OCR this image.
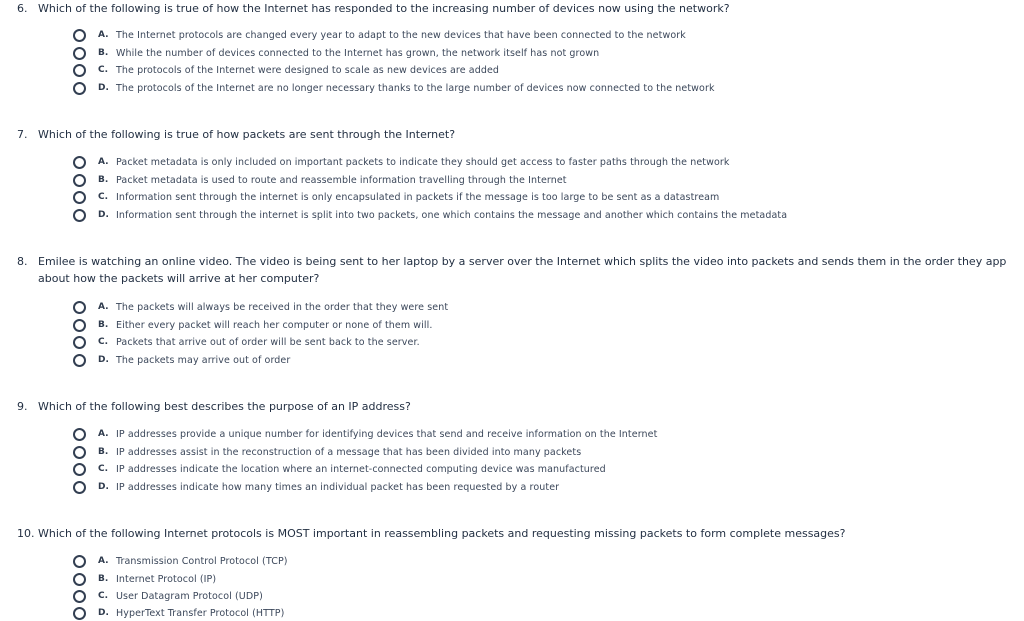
6. Which of the following is true of how the Internet has responded to the increasing number of devices now using the network?
A. The Internet protocols are changed every year to adapt to the new devices that have been connected to the network
B. While the number of devices connected to the Internet has grown, the network itself has not grown
C. The protocols of the Internet were designed to scale as new devices are added
D. The protocols of the Internet are no longer necessary thanks to the large number of devices now connected to the network
7. Which of the following is true of how packets are sent through the Internet?
A. Packet metadata is only included on important packets to indicate they should get access to faster paths through the network
B. Packet metadata is used to route and reassemble information travelling through the Internet
C. Information sent through the internet is only encapsulated in packets if the message is too large to be sent as a datastream
D. Information sent through the internet is split into two packets, one which contains the message and another which contains the metadata
8. Emilee is watching an online video. The video is being sent to her laptop by a server over the Internet which splits the video into packets and sends them in the order they app
about how the packets will arrive at her computer?
A. The packets will always be received in the order that they were sent
B. Either every packet will reach her computer or none of them will.
C. Packets that arrive out of order will be sent back to the server.
D. The packets may arrive out of order
9. Which of the following best describes the purpose of an IP address?
A. IP addresses provide a unique number for identifying devices that send and receive information on the Internet
B. IP addresses assist in the reconstruction of a message that has been divided into many packets
C. IP addresses indicate the location where an internet-connected computing device was manufactured
D. IP addresses indicate how many times an individual packet has been requested by a router
10. Which of the following Internet protocols is MOST important in reassembling packets and requesting missing packets to form complete messages?
A. Transmission Control Protocol (TCP)
B. Internet Protocol (IP)
C. User Datagram Protocol (UDP)
D. HyperText Transfer Protocol (HTTP)
